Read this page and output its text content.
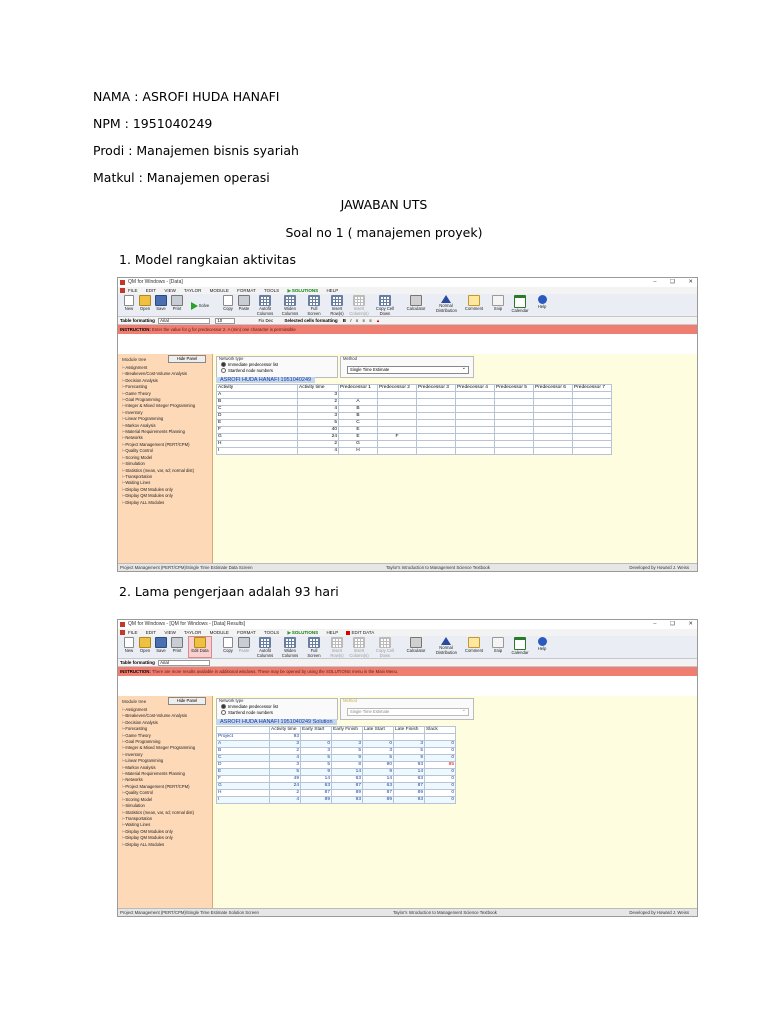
NAMA : ASROFI HUDA HANAFI
NPM : 1951040249
Prodi : Manajemen bisnis syariah
Matkul : Manajemen operasi
JAWABAN UTS
Soal no 1 ( manajemen proyek)
1. Model rangkaian aktivitas
QM for Windows - [Data]	– ❑ ✕
FILE EDIT VIEW TAYLOR MODULE FORMAT TOOLS	▶ SOLUTIONS HELP
New	Open	Save	Print
Solve
Copy	Paste	Autofit Columns
Widen Columns
Full Screen
Insert Row(s)
Insert Column(s)
Copy Cell Down
Calculator
Normal Distribution Comment	Snip	Calendar
Help
Table formatting Arial	10	Fix Dec Selected cells formatting B I ≡ ≡ ≡ ▲
INSTRUCTION: Enter the value for g for predecessor 2. A (min) one character is permissible
Module tree	Hide Panel
⊢ Assignment
⊢ Breakeven/Cost-Volume Analysis
⊢ Decision Analysis
⊢ Forecasting
⊢ Game Theory
⊢ Goal Programming
⊢ Integer & Mixed Integer Programming
⊢ Inventory
⊢ Linear Programming
⊢ Markov Analysis
⊢ Material Requirements Planning
⊢ Networks
⊢ Project Management (PERT/CPM)
⊢ Quality Control
⊢ Scoring Model
⊢ Simulation
⊢ Statistics (mean, var, sd; normal dist)
⊢ Transportation
⊢ Waiting Lines
⊢ Display OM Modules only
⊢ Display QM Modules only
⊢ Display ALL Modules
Network type
Immediate predecessor list
Start/end node numbers
Method
Single Time Estimate ⌄
ASROFI HUDA HANAFI 1951040249
Activity	Activity time	Predecessor 1	Predecessor 2	Predecessor 3	Predecessor 4	Predecessor 5	Predecessor 6	Predecessor 7
A	3							
B	2	A						
C	4	B						
D	3	B						
E	5	C						
F	40	E						
G	24	E	F					
H	2	G						
I	4	H						
Project Management (PERT/CPM)/Single Time Estimate Data Screen	Taylor's Introduction to Management Science Textbook	Developed by Howard J. Weiss
2. Lama pengerjaan adalah 93 hari
QM for Windows - [QM for Windows - [Data] Results]	– ❑ ✕
FILE EDIT VIEW TAYLOR MODULE FORMAT TOOLS	▶ SOLUTIONS HELP	EDIT DATA
New	Open	Save	Print	Edit Data	Copy	Paste	Autofit Columns
Widen Columns
Full Screen
Insert Row(s)
Insert Column(s)
Copy Cell Down
Calculator
Normal Distribution Comment	Snip	Calendar
Help
Table formatting Arial
INSTRUCTION: There are more results available in additional windows. These may be opened by using the SOLUTIONS menu in the Main Menu.
Module tree	Hide Panel
⊢ Assignment
⊢ Breakeven/Cost-Volume Analysis
⊢ Decision Analysis
⊢ Forecasting
⊢ Game Theory
⊢ Goal Programming
⊢ Integer & Mixed Integer Programming
⊢ Inventory
⊢ Linear Programming
⊢ Markov Analysis
⊢ Material Requirements Planning
⊢ Networks
⊢ Project Management (PERT/CPM)
⊢ Quality Control
⊢ Scoring Model
⊢ Simulation
⊢ Statistics (mean, var, sd; normal dist)
⊢ Transportation
⊢ Waiting Lines
⊢ Display OM Modules only
⊢ Display QM Modules only
⊢ Display ALL Modules
Network type
Immediate predecessor list
Start/end node numbers
Method
Single Time Estimate ⌄
ASROFI HUDA HANAFI 1951040249 Solution
	Activity time	Early Start	Early Finish	Late Start	Late Finish	Slack
Project	93					
A	3	0	3	0	3	0
B	2	3	5	3	5	0
C	4	5	9	5	9	0
D	3	5	8	90	93	85
E	5	9	14	9	14	0
F	49	14	63	14	63	0
G	24	63	87	63	87	0
H	2	87	89	87	89	0
I	4	89	93	89	93	0
Project Management (PERT/CPM)/Single Time Estimate Solution Screen	Taylor's Introduction to Management Science Textbook	Developed by Howard J. Weiss
